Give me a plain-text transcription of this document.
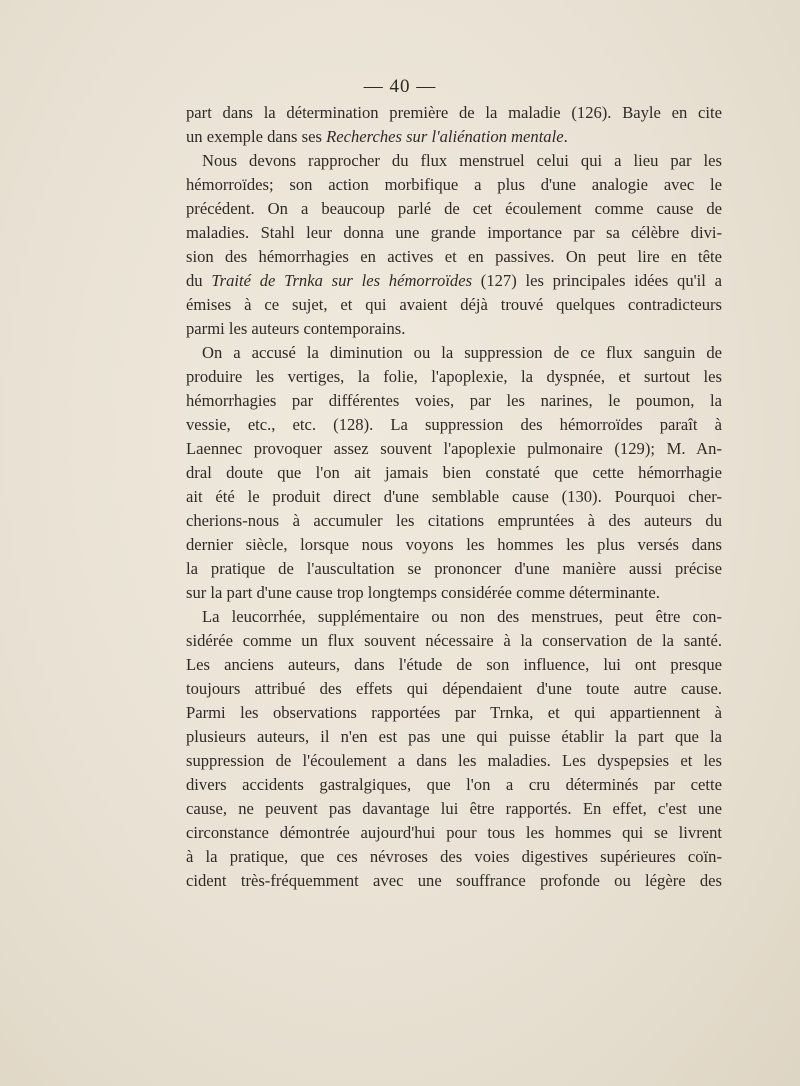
— 40 —
part dans la détermination première de la maladie (126). Bayle en cite
un exemple dans ses Recherches sur l'aliénation mentale.
Nous devons rapprocher du flux menstruel celui qui a lieu par les
hémorroïdes; son action morbifique a plus d'une analogie avec le
précédent. On a beaucoup parlé de cet écoulement comme cause de
maladies. Stahl leur donna une grande importance par sa célèbre divi-
sion des hémorrhagies en actives et en passives. On peut lire en tête
du Traité de Trnka sur les hémorroïdes (127) les principales idées qu'il a
émises à ce sujet, et qui avaient déjà trouvé quelques contradicteurs
parmi les auteurs contemporains.
On a accusé la diminution ou la suppression de ce flux sanguin de
produire les vertiges, la folie, l'apoplexie, la dyspnée, et surtout les
hémorrhagies par différentes voies, par les narines, le poumon, la
vessie, etc., etc. (128). La suppression des hémorroïdes paraît à
Laennec provoquer assez souvent l'apoplexie pulmonaire (129); M. An-
dral doute que l'on ait jamais bien constaté que cette hémorrhagie
ait été le produit direct d'une semblable cause (130). Pourquoi cher-
cherions-nous à accumuler les citations empruntées à des auteurs du
dernier siècle, lorsque nous voyons les hommes les plus versés dans
la pratique de l'auscultation se prononcer d'une manière aussi précise
sur la part d'une cause trop longtemps considérée comme déterminante.
La leucorrhée, supplémentaire ou non des menstrues, peut être con-
sidérée comme un flux souvent nécessaire à la conservation de la santé.
Les anciens auteurs, dans l'étude de son influence, lui ont presque
toujours attribué des effets qui dépendaient d'une toute autre cause.
Parmi les observations rapportées par Trnka, et qui appartiennent à
plusieurs auteurs, il n'en est pas une qui puisse établir la part que la
suppression de l'écoulement a dans les maladies. Les dyspepsies et les
divers accidents gastralgiques, que l'on a cru déterminés par cette
cause, ne peuvent pas davantage lui être rapportés. En effet, c'est une
circonstance démontrée aujourd'hui pour tous les hommes qui se livrent
à la pratique, que ces névroses des voies digestives supérieures coïn-
cident très-fréquemment avec une souffrance profonde ou légère des
